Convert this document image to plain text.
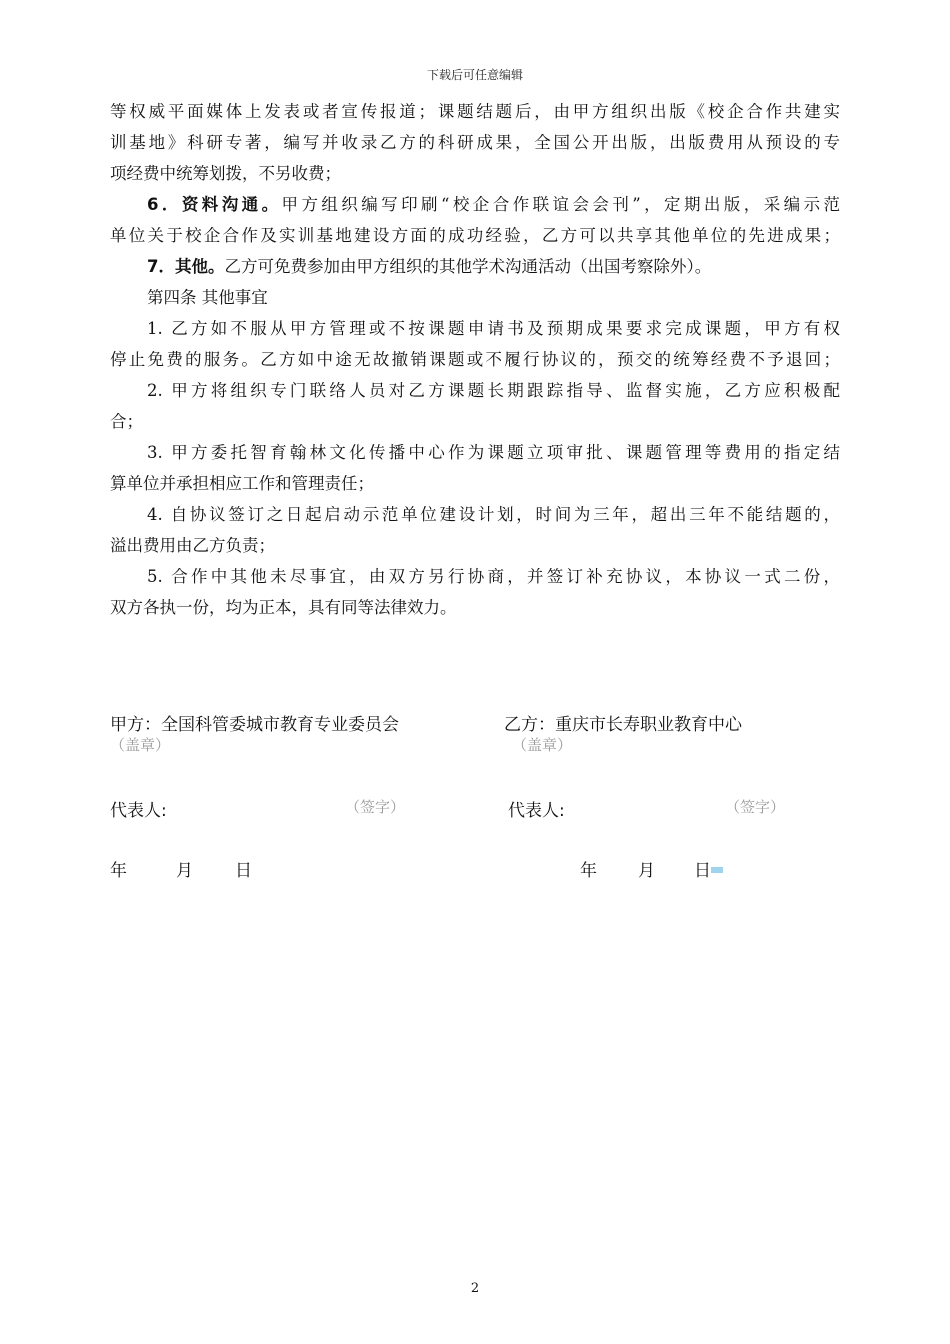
下载后可任意编辑
等权威平面媒体上发表或者宣传报道；课题结题后，由甲方组织出版《校企合作共建实
训基地》科研专著，编写并收录乙方的科研成果，全国公开出版，出版费用从预设的专
项经费中统筹划拨，不另收费；
6．资料沟通。甲方组织编写印刷“校企合作联谊会会刊”，定期出版，采编示范
单位关于校企合作及实训基地建设方面的成功经验，乙方可以共享其他单位的先进成果；
7．其他。乙方可免费参加由甲方组织的其他学术沟通活动（出国考察除外）。
第四条 其他事宜
1. 乙方如不服从甲方管理或不按课题申请书及预期成果要求完成课题，甲方有权
停止免费的服务。乙方如中途无故撤销课题或不履行协议的，预交的统筹经费不予退回；
2. 甲方将组织专门联络人员对乙方课题长期跟踪指导、监督实施，乙方应积极配
合；
3. 甲方委托智育翰林文化传播中心作为课题立项审批、课题管理等费用的指定结
算单位并承担相应工作和管理责任；
4. 自协议签订之日起启动示范单位建设计划，时间为三年，超出三年不能结题的，
溢出费用由乙方负责；
5. 合作中其他未尽事宜，由双方另行协商，并签订补充协议，本协议一式二份，
双方各执一份，均为正本，具有同等法律效力。
甲方：全国科管委城市教育专业委员会	乙方：重庆市长寿职业教育中心
（盖章）	（盖章）
代表人:	（签字）	代表人:	（签字）
年	月 日	年 月 日
2
